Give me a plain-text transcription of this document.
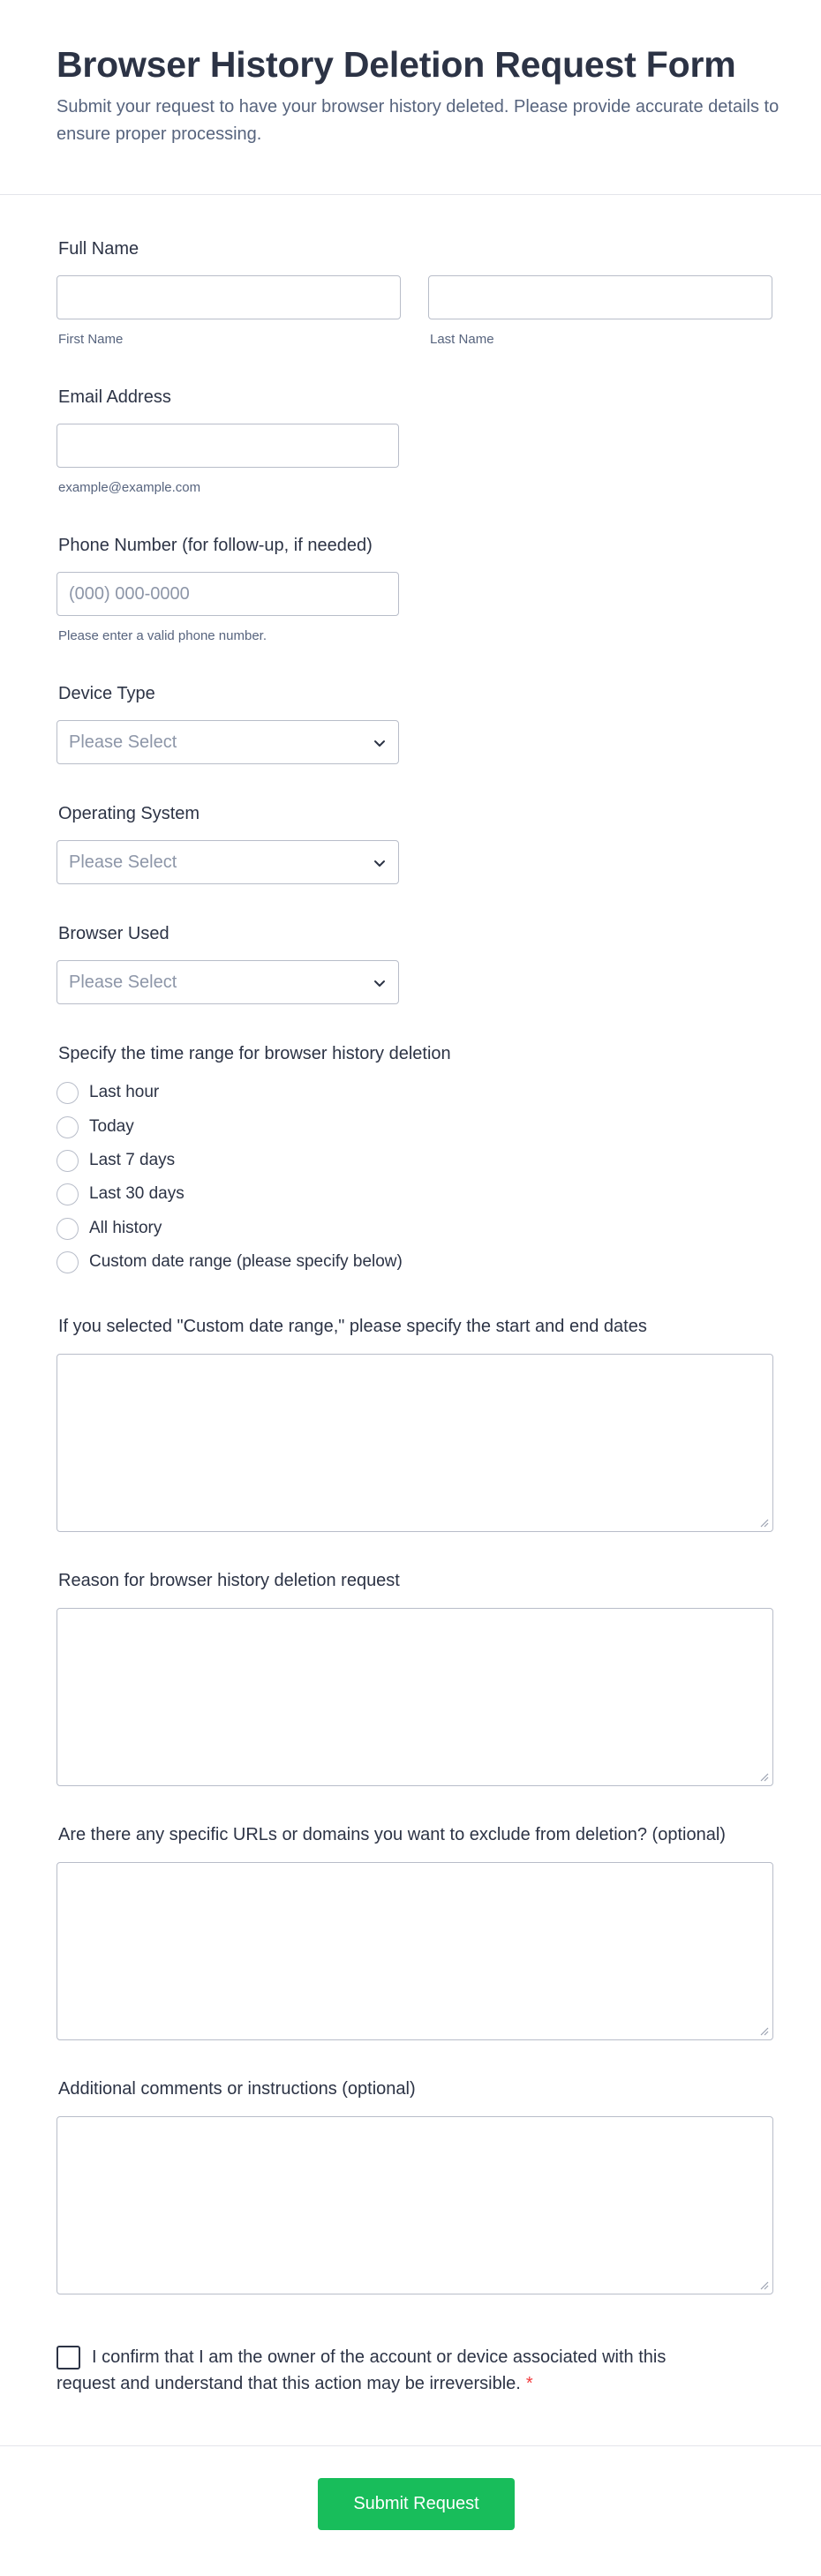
Browser History Deletion Request Form

Submit your request to have your browser history deleted. Please provide accurate details to ensure proper processing.

Full Name
First Name	Last Name
Email Address
example@example.com
Phone Number (for follow-up, if needed)
(000) 000-0000
Please enter a valid phone number.
Device Type
Please Select
Operating System
Please Select
Browser Used
Please Select
Specify the time range for browser history deletion
Last hour
Today
Last 7 days
Last 30 days
All history
Custom date range (please specify below)
If you selected "Custom date range," please specify the start and end dates
Reason for browser history deletion request
Are there any specific URLs or domains you want to exclude from deletion? (optional)
Additional comments or instructions (optional)

I confirm that I am the owner of the account or device associated with this request and understand that this action may be irreversible. *

Submit Request
